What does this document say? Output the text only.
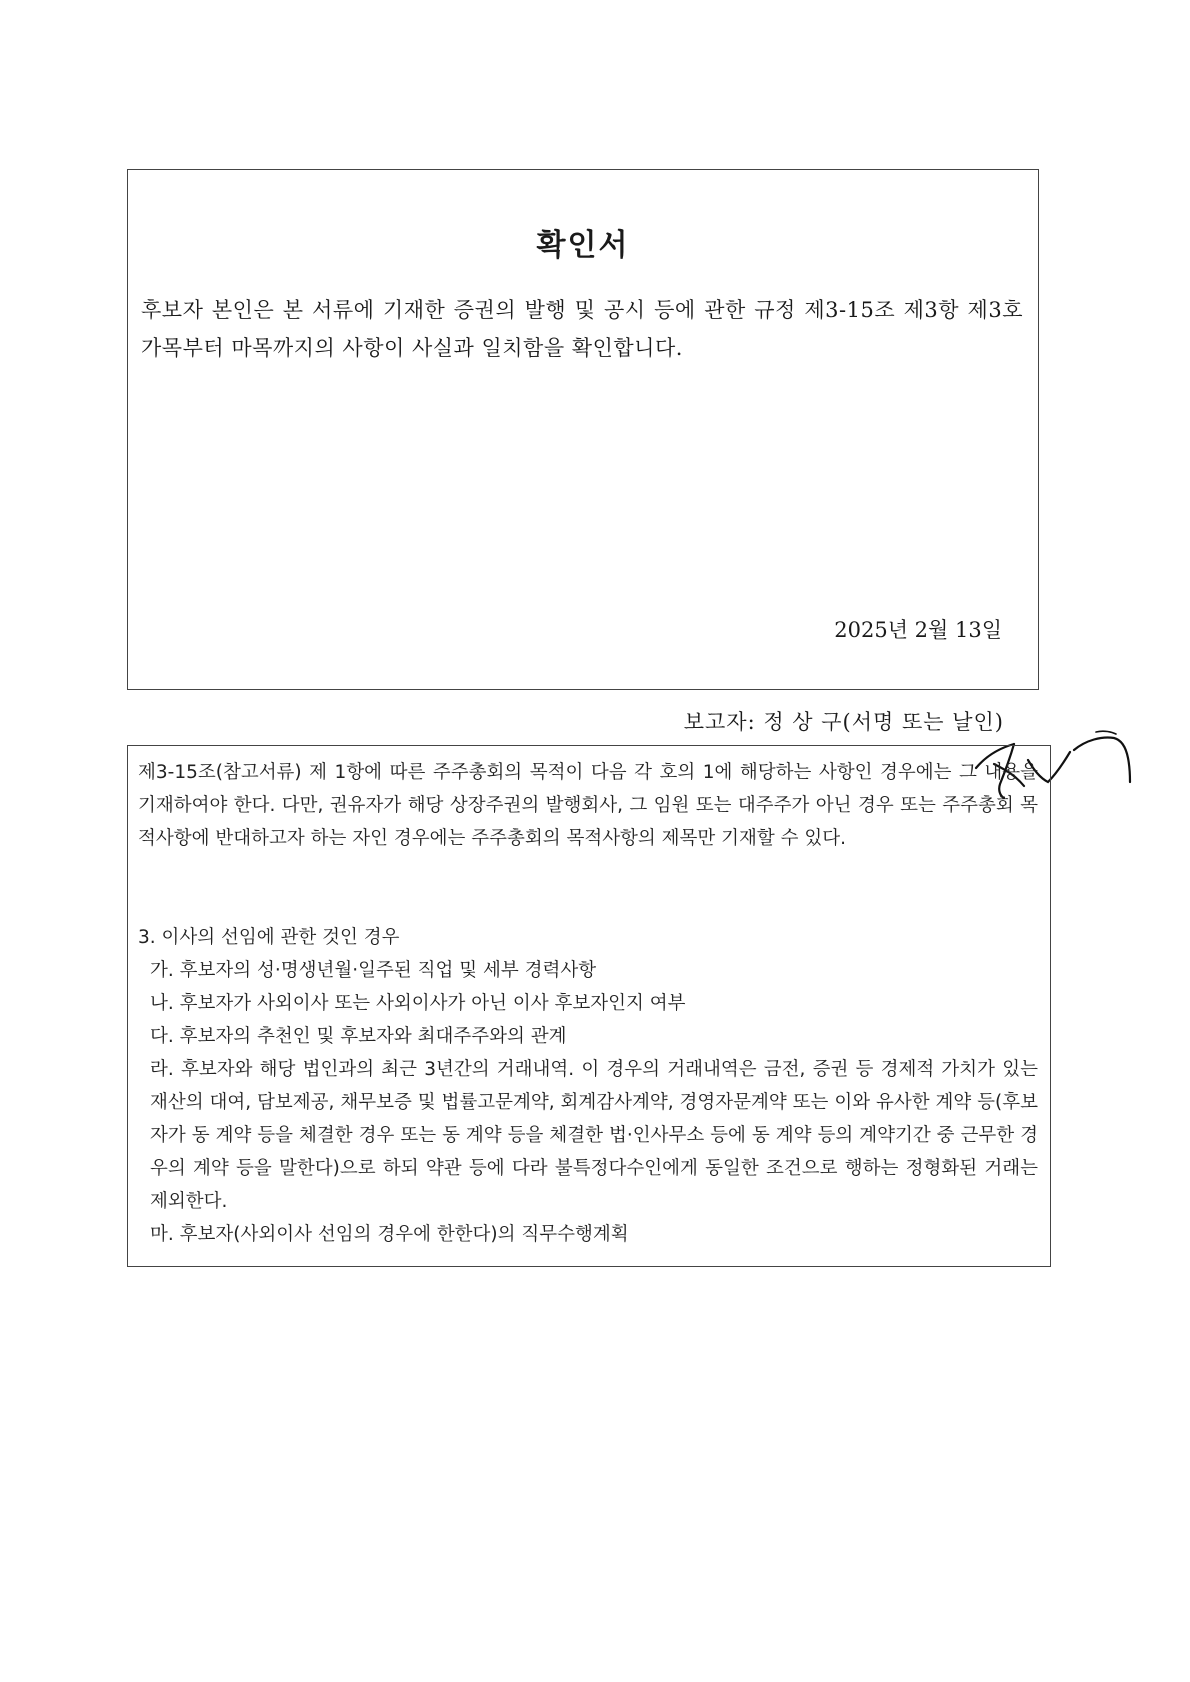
확인서
후보자 본인은 본 서류에 기재한 증권의 발행 및 공시 등에 관한 규정 제3-15조 제3항 제3호 가목부터 마목까지의 사항이 사실과 일치함을 확인합니다.
2025년 2월 13일
보고자: 정 상 구(서명 또는 날인)
제3-15조(참고서류) 제 1항에 따른 주주총회의 목적이 다음 각 호의 1에 해당하는 사항인 경우에는 그 내용을 기재하여야 한다. 다만, 권유자가 해당 상장주권의 발행회사, 그 임원 또는 대주주가 아닌 경우 또는 주주총회 목적사항에 반대하고자 하는 자인 경우에는 주주총회의 목적사항의 제목만 기재할 수 있다.
3. 이사의 선임에 관한 것인 경우
가. 후보자의 성·명생년월·일주된 직업 및 세부 경력사항
나. 후보자가 사외이사 또는 사외이사가 아닌 이사 후보자인지 여부
다. 후보자의 추천인 및 후보자와 최대주주와의 관계
라. 후보자와 해당 법인과의 최근 3년간의 거래내역. 이 경우의 거래내역은 금전, 증권 등 경제적 가치가 있는 재산의 대여, 담보제공, 채무보증 및 법률고문계약, 회계감사계약, 경영자문계약 또는 이와 유사한 계약 등(후보자가 동 계약 등을 체결한 경우 또는 동 계약 등을 체결한 법·인사무소 등에 동 계약 등의 계약기간 중 근무한 경우의 계약 등을 말한다)으로 하되 약관 등에 다라 불특정다수인에게 동일한 조건으로 행하는 정형화된 거래는 제외한다.
마. 후보자(사외이사 선임의 경우에 한한다)의 직무수행계획
